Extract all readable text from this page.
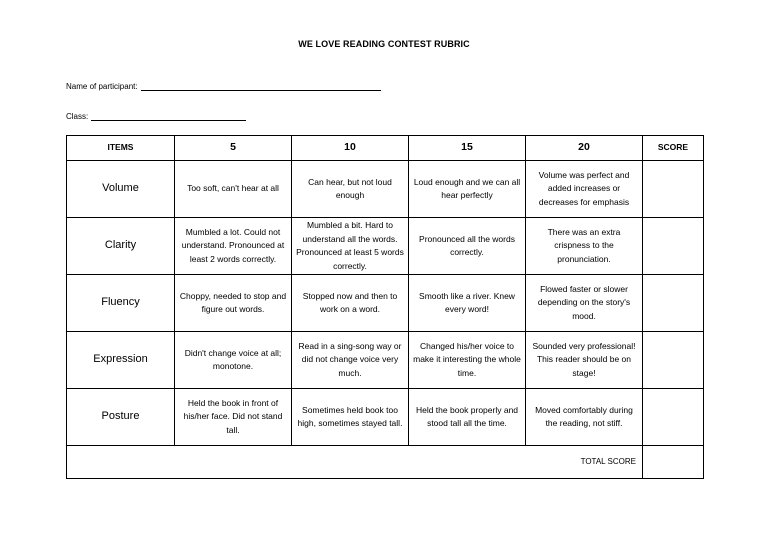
WE LOVE READING CONTEST RUBRIC
Name of participant:
Class:
ITEMS	5	10	15	20	SCORE
Volume	Too soft, can't hear at all	Can hear, but not loud enough	Loud enough and we can all hear perfectly	Volume was perfect and added increases or decreases for emphasis	
Clarity	Mumbled a lot. Could not understand. Pronounced at least 2 words correctly.	Mumbled a bit. Hard to understand all the words. Pronounced at least 5 words correctly.	Pronounced all the words correctly.	There was an extra crispness to the pronunciation.	
Fluency	Choppy, needed to stop and figure out words.	Stopped now and then to work on a word.	Smooth like a river. Knew every word!	Flowed faster or slower depending on the story's mood.	
Expression	Didn't change voice at all; monotone.	Read in a sing-song way or did not change voice very much.	Changed his/her voice to make it interesting the whole time.	Sounded very professional! This reader should be on stage!	
Posture	Held the book in front of his/her face. Did not stand tall.	Sometimes held book too high, sometimes stayed tall.	Held the book properly and stood tall all the time.	Moved comfortably during the reading, not stiff.	
TOTAL SCORE					
